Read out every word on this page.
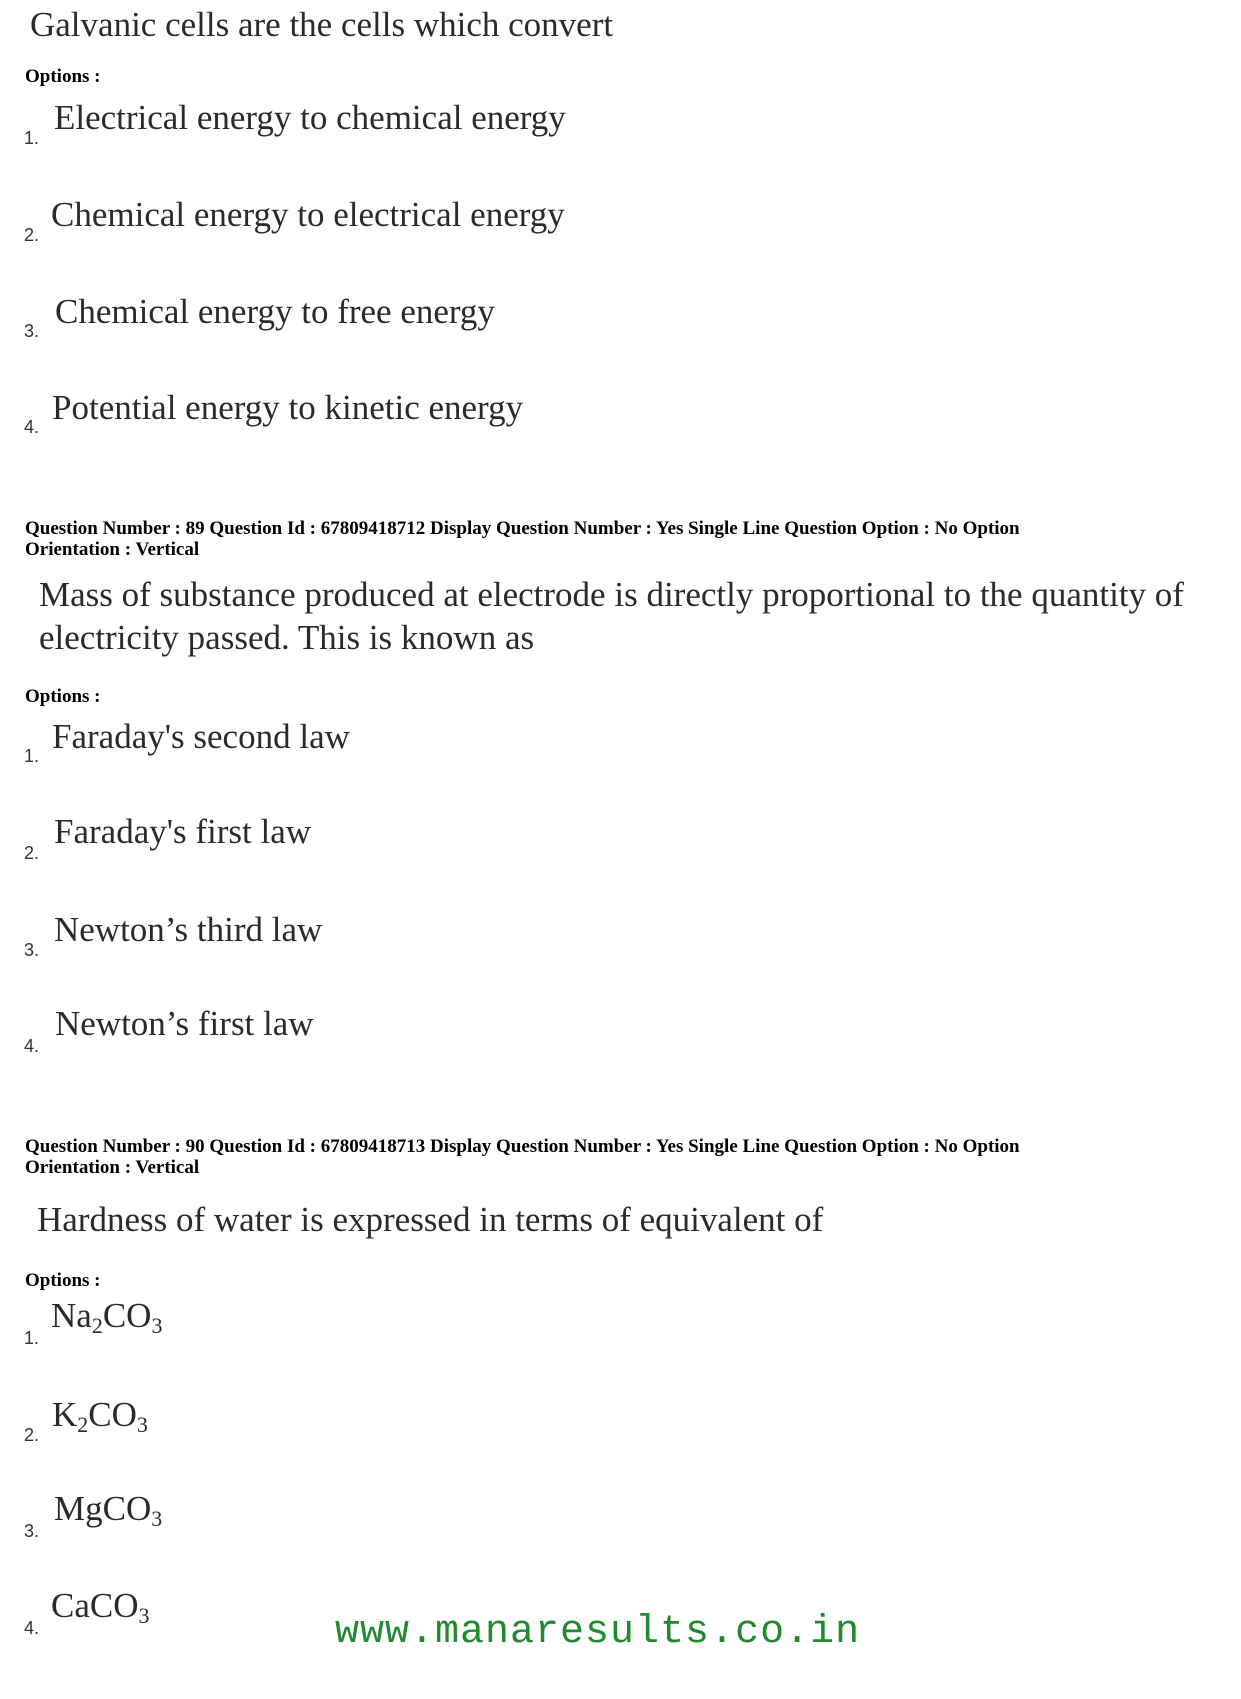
Galvanic cells are the cells which convert
Options :
1.
Electrical energy to chemical energy
2.
Chemical energy to electrical energy
3. Chemical energy to free energy
4. Potential energy to kinetic energy
Question Number : 89 Question Id : 67809418712 Display Question Number : Yes Single Line Question Option : No Option
Orientation : Vertical
Mass of substance produced at electrode is directly proportional to the quantity of
electricity passed. This is known as
Options :
1. Faraday's second law
2.
Faraday's first law
3.
Newton’s third law
4.
Newton’s first law
Question Number : 90 Question Id : 67809418713 Display Question Number : Yes Single Line Question Option : No Option
Orientation : Vertical
Hardness of water is expressed in terms of equivalent of
Options :
1.
$Na_2CO_3$
2.
$K_2CO_3$
3.
MgCO$_3$
4.
CaCO$_3$	www.manaresults.co.in
